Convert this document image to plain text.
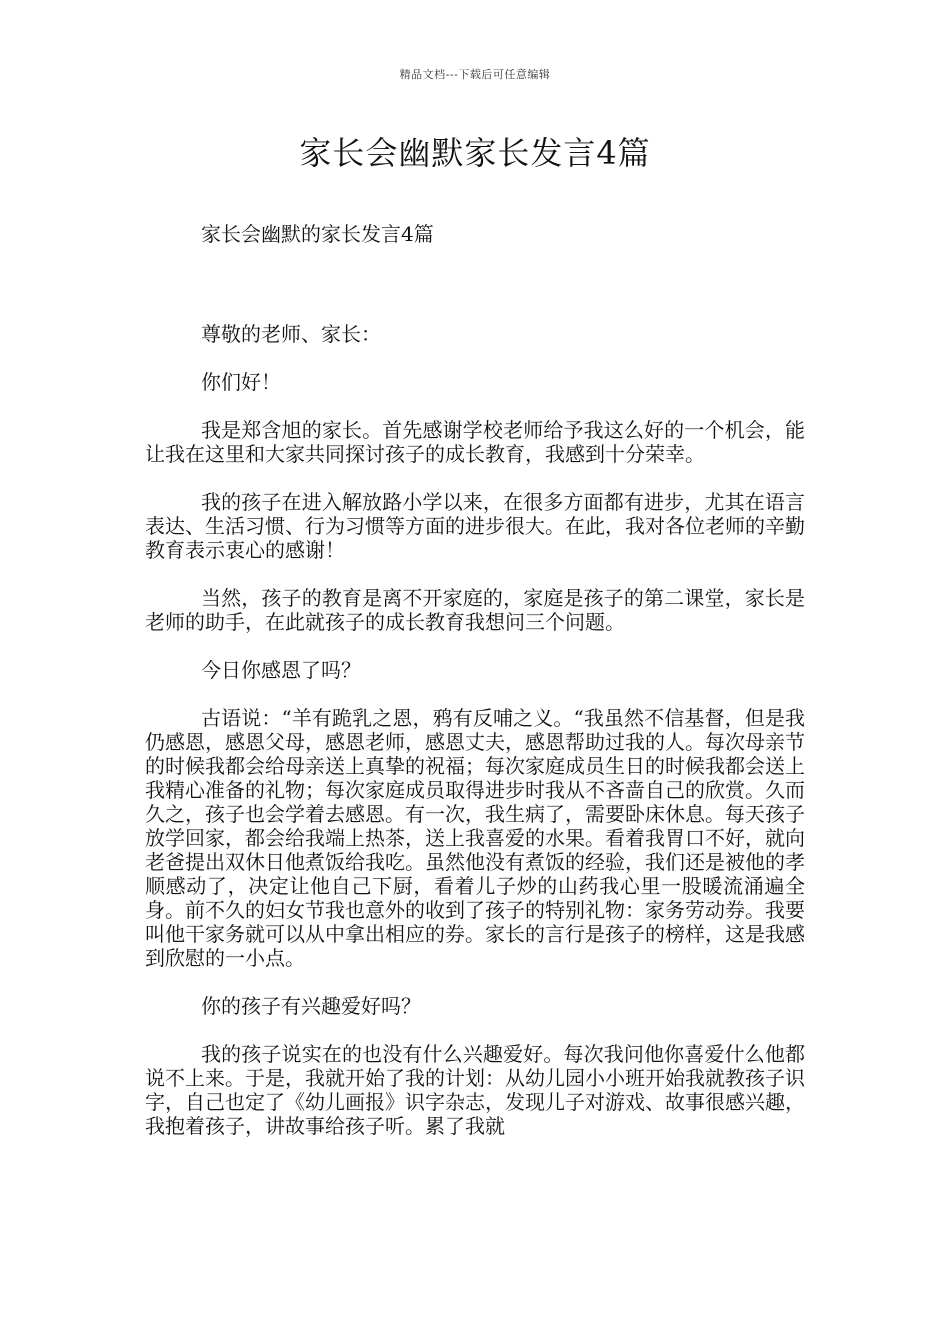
精品文档---下载后可任意编辑
家长会幽默家长发言4篇

家长会幽默的家长发言4篇

尊敬的老师、家长：

你们好！

我是郑含旭的家长。首先感谢学校老师给予我这么好的一个机会，能让我在这里和大家共同探讨孩子的成长教育，我感到十分荣幸。

我的孩子在进入解放路小学以来，在很多方面都有进步，尤其在语言表达、生活习惯、行为习惯等方面的进步很大。在此，我对各位老师的辛勤教育表示衷心的感谢！

当然，孩子的教育是离不开家庭的，家庭是孩子的第二课堂，家长是老师的助手，在此就孩子的成长教育我想问三个问题。

今日你感恩了吗？

古语说：“羊有跪乳之恩，鸦有反哺之义。“我虽然不信基督，但是我仍感恩，感恩父母，感恩老师，感恩丈夫，感恩帮助过我的人。每次母亲节的时候我都会给母亲送上真挚的祝福；每次家庭成员生日的时候我都会送上我精心准备的礼物；每次家庭成员取得进步时我从不吝啬自己的欣赏。久而久之，孩子也会学着去感恩。有一次，我生病了，需要卧床休息。每天孩子放学回家，都会给我端上热茶，送上我喜爱的水果。看着我胃口不好，就向老爸提出双休日他煮饭给我吃。虽然他没有煮饭的经验，我们还是被他的孝顺感动了，决定让他自己下厨，看着儿子炒的山药我心里一股暖流涌遍全身。前不久的妇女节我也意外的收到了孩子的特别礼物：家务劳动券。我要叫他干家务就可以从中拿出相应的券。家长的言行是孩子的榜样，这是我感到欣慰的一小点。

你的孩子有兴趣爱好吗？

我的孩子说实在的也没有什么兴趣爱好。每次我问他你喜爱什么他都说不上来。于是，我就开始了我的计划：从幼儿园小小班开始我就教孩子识字，自己也定了《幼儿画报》识字杂志，发现儿子对游戏、故事很感兴趣，我抱着孩子，讲故事给孩子听。累了我就
